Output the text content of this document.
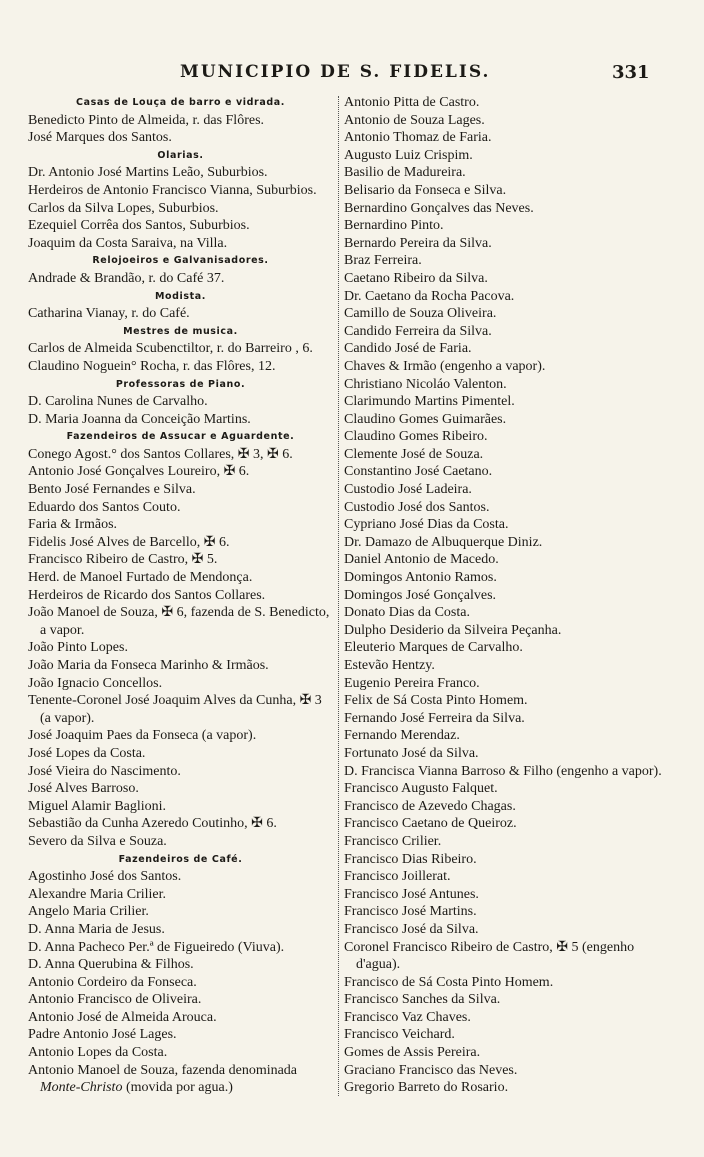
MUNICIPIO DE S. FIDELIS.	331
Casas de Louça de barro e vidrada.
Benedicto Pinto de Almeida, r. das Flôres.
José Marques dos Santos.
Olarias.
Dr. Antonio José Martins Leão, Suburbios.
Herdeiros de Antonio Francisco Vianna, Suburbios.
Carlos da Silva Lopes, Suburbios.
Ezequiel Corrêa dos Santos, Suburbios.
Joaquim da Costa Saraiva, na Villa.
Relojoeiros e Galvanisadores.
Andrade & Brandão, r. do Café 37.
Modista.
Catharina Vianay, r. do Café.
Mestres de musica.
Carlos de Almeida Scubenctiltor, r. do Barreiro , 6.
Claudino Noguein° Rocha, r. das Flôres, 12.
Professoras de Piano.
D. Carolina Nunes de Carvalho.
D. Maria Joanna da Conceição Martins.
Fazendeiros de Assucar e Aguardente.
Conego Agost.° dos Santos Collares, ✠ 3, ✠ 6.
Antonio José Gonçalves Loureiro, ✠ 6.
Bento José Fernandes e Silva.
Eduardo dos Santos Couto.
Faria & Irmãos.
Fidelis José Alves de Barcello, ✠ 6.
Francisco Ribeiro de Castro, ✠ 5.
Herd. de Manoel Furtado de Mendonça.
Herdeiros de Ricardo dos Santos Collares.
João Manoel de Souza, ✠ 6, fazenda de S. Benedicto, a vapor.
João Pinto Lopes.
João Maria da Fonseca Marinho & Irmãos.
João Ignacio Concellos.
Tenente-Coronel José Joaquim Alves da Cunha, ✠ 3 (a vapor).
José Joaquim Paes da Fonseca (a vapor).
José Lopes da Costa.
José Vieira do Nascimento.
José Alves Barroso.
Miguel Alamir Baglioni.
Sebastião da Cunha Azeredo Coutinho, ✠ 6.
Severo da Silva e Souza.
Fazendeiros de Café.
Agostinho José dos Santos.
Alexandre Maria Crilier.
Angelo Maria Crilier.
D. Anna Maria de Jesus.
D. Anna Pacheco Per.ª de Figueiredo (Viuva).
D. Anna Querubina & Filhos.
Antonio Cordeiro da Fonseca.
Antonio Francisco de Oliveira.
Antonio José de Almeida Arouca.
Padre Antonio José Lages.
Antonio Lopes da Costa.
Antonio Manoel de Souza, fazenda denominada Monte-Christo (movida por agua.)
Antonio Pitta de Castro.
Antonio de Souza Lages.
Antonio Thomaz de Faria.
Augusto Luiz Crispim.
Basilio de Madureira.
Belisario da Fonseca e Silva.
Bernardino Gonçalves das Neves.
Bernardino Pinto.
Bernardo Pereira da Silva.
Braz Ferreira.
Caetano Ribeiro da Silva.
Dr. Caetano da Rocha Pacova.
Camillo de Souza Oliveira.
Candido Ferreira da Silva.
Candido José de Faria.
Chaves & Irmão (engenho a vapor).
Christiano Nicoláo Valenton.
Clarimundo Martins Pimentel.
Claudino Gomes Guimarães.
Claudino Gomes Ribeiro.
Clemente José de Souza.
Constantino José Caetano.
Custodio José Ladeira.
Custodio José dos Santos.
Cypriano José Dias da Costa.
Dr. Damazo de Albuquerque Diniz.
Daniel Antonio de Macedo.
Domingos Antonio Ramos.
Domingos José Gonçalves.
Donato Dias da Costa.
Dulpho Desiderio da Silveira Peçanha.
Eleuterio Marques de Carvalho.
Estevão Hentzy.
Eugenio Pereira Franco.
Felix de Sá Costa Pinto Homem.
Fernando José Ferreira da Silva.
Fernando Merendaz.
Fortunato José da Silva.
D. Francisca Vianna Barroso & Filho (engenho a vapor).
Francisco Augusto Falquet.
Francisco de Azevedo Chagas.
Francisco Caetano de Queiroz.
Francisco Crilier.
Francisco Dias Ribeiro.
Francisco Joillerat.
Francisco José Antunes.
Francisco José Martins.
Francisco José da Silva.
Coronel Francisco Ribeiro de Castro, ✠ 5 (engenho d'agua).
Francisco de Sá Costa Pinto Homem.
Francisco Sanches da Silva.
Francisco Vaz Chaves.
Francisco Veichard.
Gomes de Assis Pereira.
Graciano Francisco das Neves.
Gregorio Barreto do Rosario.
